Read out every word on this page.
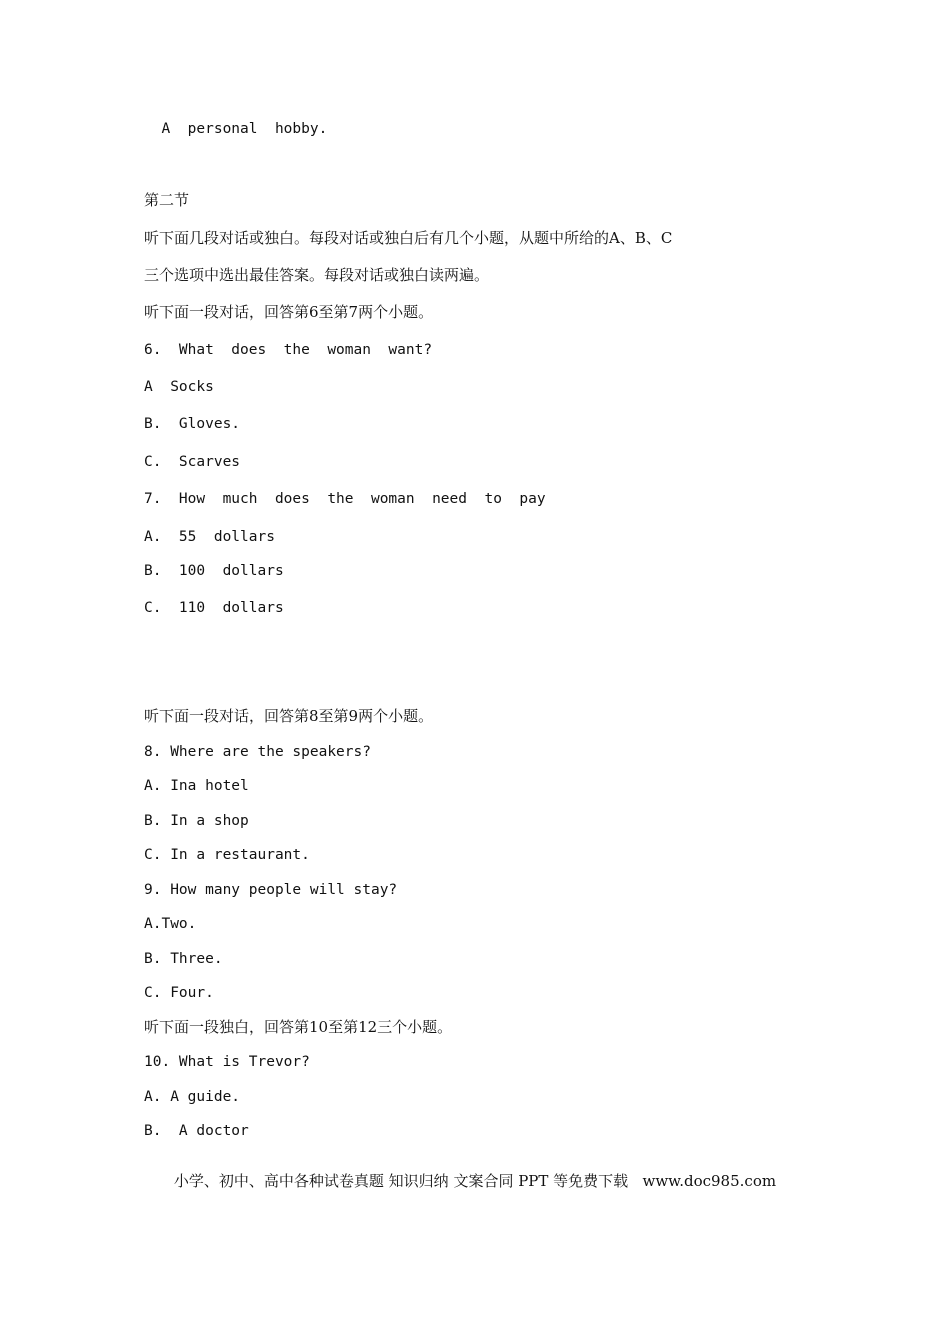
A  personal  hobby.
第二节
听下面几段对话或独白。每段对话或独白后有几个小题，从题中所给的A、B、C
三个选项中选出最佳答案。每段对话或独白读两遍。
听下面一段对话，回答第6至第7两个小题。
6.  What  does  the  woman  want?
A  Socks
B.  Gloves.
C.  Scarves
7.  How  much  does  the  woman  need  to  pay
A.  55  dollars
B.  100  dollars
C.  110  dollars
听下面一段对话，回答第8至第9两个小题。
8. Where are the speakers?
A. Ina hotel
B. In a shop
C. In a restaurant.
9. How many people will stay?
A.Two.
B. Three.
C. Four.
听下面一段独白，回答第10至第12三个小题。
10. What is Trevor?
A. A guide.
B.  A doctor
小学、初中、高中各种试卷真题 知识归纳 文案合同 PPT 等免费下载   www.doc985.com
